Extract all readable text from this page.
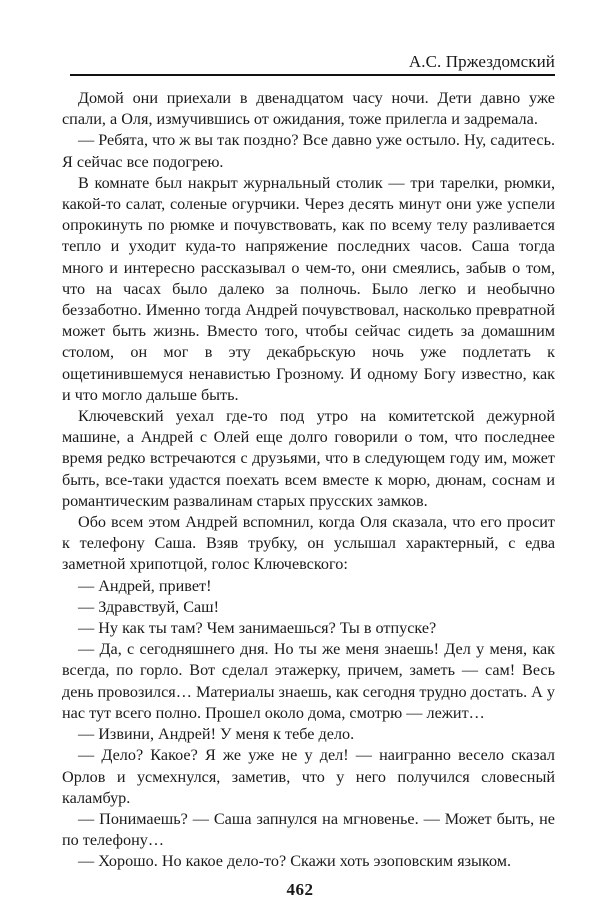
А.С. Пржездомский

Домой они приехали в двенадцатом часу ночи. Дети давно уже спали, а Оля, измучившись от ожидания, тоже прилегла и задремала.

— Ребята, что ж вы так поздно? Все давно уже остыло. Ну, садитесь. Я сейчас все подогрею.

В комнате был накрыт журнальный столик — три тарелки, рюмки, какой-то салат, соленые огурчики. Через десять минут они уже успели опрокинуть по рюмке и почувствовать, как по всему телу разливается тепло и уходит куда-то напряжение последних часов. Саша тогда много и интересно рассказывал о чем-то, они смеялись, забыв о том, что на часах было далеко за полночь. Было легко и необычно беззаботно. Именно тогда Андрей почувствовал, насколько превратной может быть жизнь. Вместо того, чтобы сейчас сидеть за домашним столом, он мог в эту декабрьскую ночь уже подлетать к ощетинившемуся ненавистью Грозному. И одному Богу известно, как и что могло дальше быть.

Ключевский уехал где-то под утро на комитетской дежурной машине, а Андрей с Олей еще долго говорили о том, что последнее время редко встречаются с друзьями, что в следующем году им, может быть, все-таки удастся поехать всем вместе к морю, дюнам, соснам и романтическим развалинам старых прусских замков.

Обо всем этом Андрей вспомнил, когда Оля сказала, что его просит к телефону Саша. Взяв трубку, он услышал характерный, с едва заметной хрипотцой, голос Ключевского:

— Андрей, привет!

— Здравствуй, Саш!

— Ну как ты там? Чем занимаешься? Ты в отпуске?

— Да, с сегодняшнего дня. Но ты же меня знаешь! Дел у меня, как всегда, по горло. Вот сделал этажерку, причем, заметь — сам! Весь день провозился… Материалы знаешь, как сегодня трудно достать. А у нас тут всего полно. Прошел около дома, смотрю — лежит…

— Извини, Андрей! У меня к тебе дело.

— Дело? Какое? Я же уже не у дел! — наигранно весело сказал Орлов и усмехнулся, заметив, что у него получился словесный каламбур.

— Понимаешь? — Саша запнулся на мгновенье. — Может быть, не по телефону…

— Хорошо. Но какое дело-то? Скажи хоть эзоповским языком.

462
